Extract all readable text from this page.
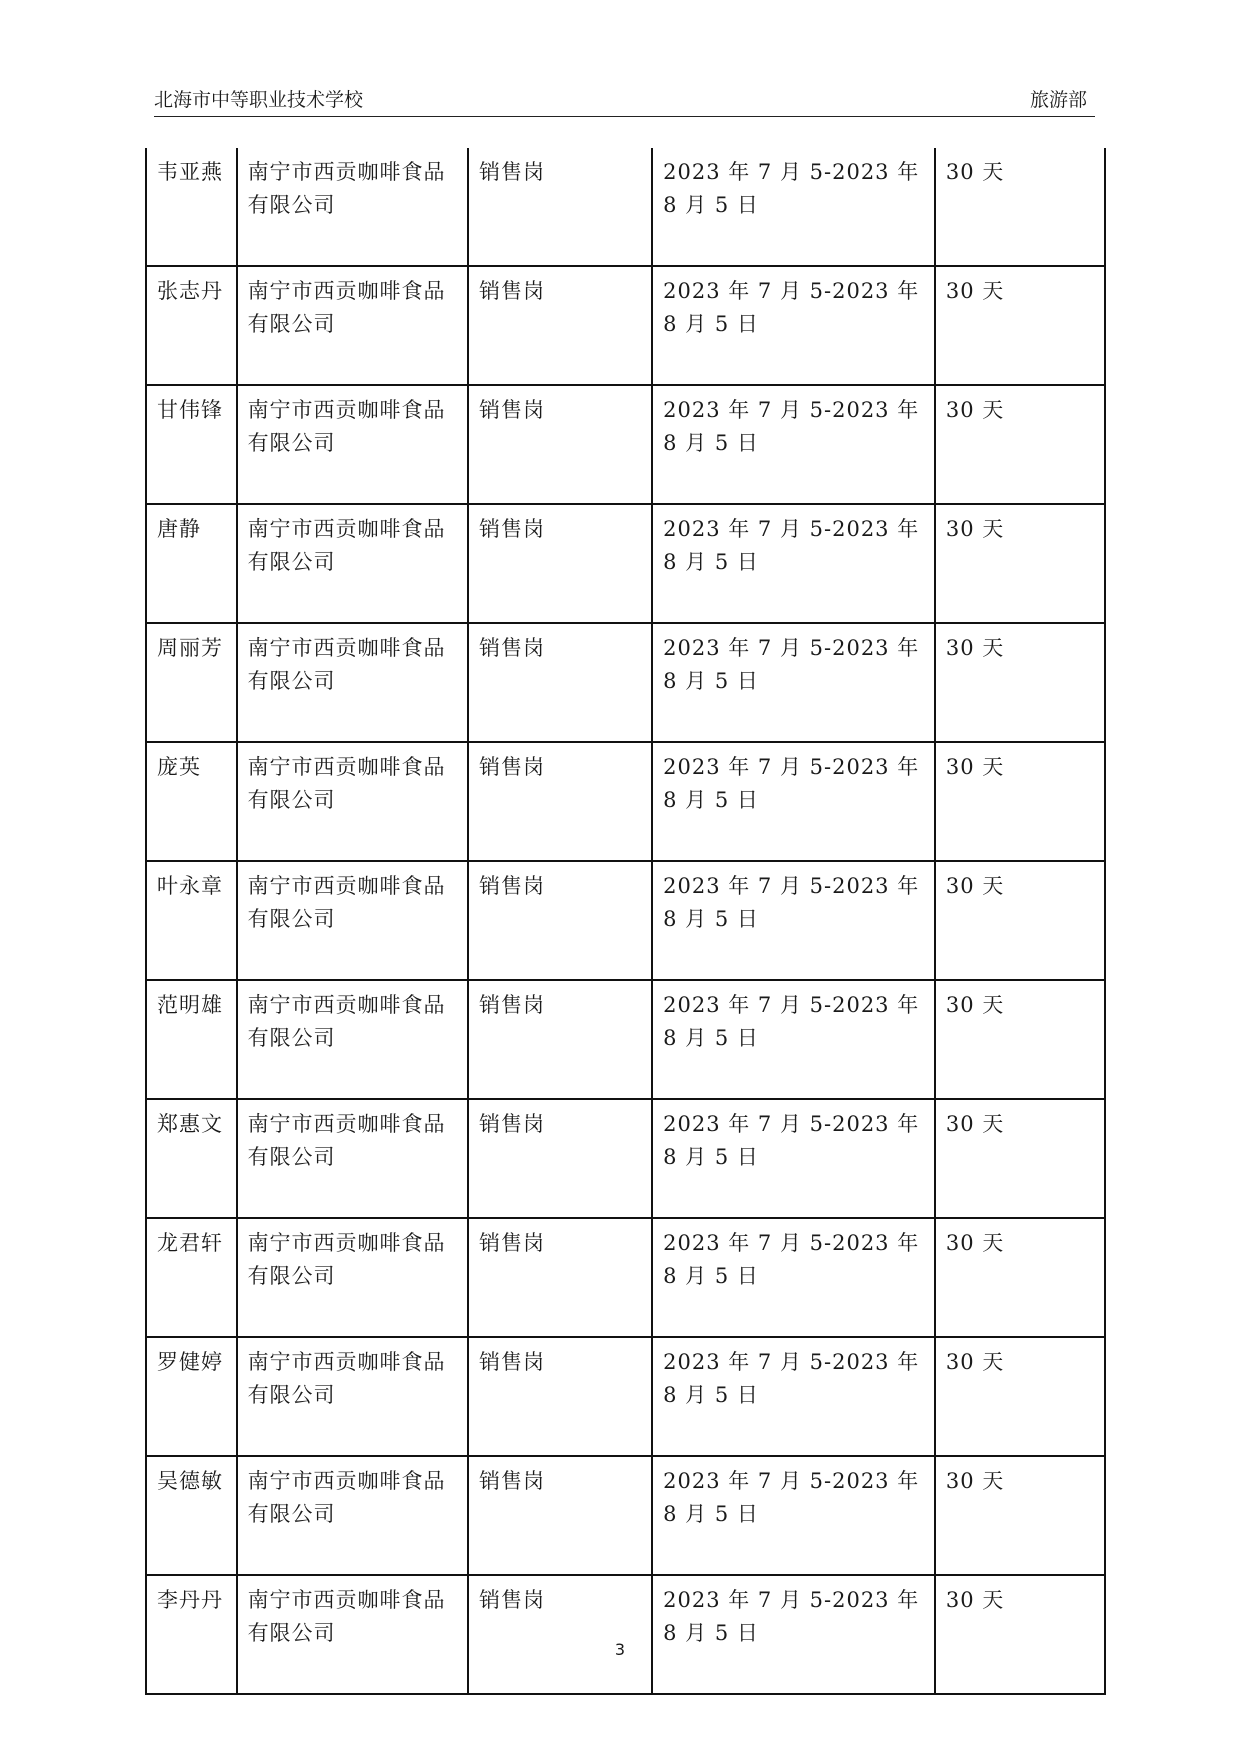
北海市中等职业技术学校	旅游部
韦亚燕	南宁市西贡咖啡食品有限公司	销售岗	2023 年 7 月 5-2023 年 8 月 5 日	30 天
张志丹	南宁市西贡咖啡食品有限公司	销售岗	2023 年 7 月 5-2023 年 8 月 5 日	30 天
甘伟锋	南宁市西贡咖啡食品有限公司	销售岗	2023 年 7 月 5-2023 年 8 月 5 日	30 天
唐静	南宁市西贡咖啡食品有限公司	销售岗	2023 年 7 月 5-2023 年 8 月 5 日	30 天
周丽芳	南宁市西贡咖啡食品有限公司	销售岗	2023 年 7 月 5-2023 年 8 月 5 日	30 天
庞英	南宁市西贡咖啡食品有限公司	销售岗	2023 年 7 月 5-2023 年 8 月 5 日	30 天
叶永章	南宁市西贡咖啡食品有限公司	销售岗	2023 年 7 月 5-2023 年 8 月 5 日	30 天
范明雄	南宁市西贡咖啡食品有限公司	销售岗	2023 年 7 月 5-2023 年 8 月 5 日	30 天
郑惠文	南宁市西贡咖啡食品有限公司	销售岗	2023 年 7 月 5-2023 年 8 月 5 日	30 天
龙君轩	南宁市西贡咖啡食品有限公司	销售岗	2023 年 7 月 5-2023 年 8 月 5 日	30 天
罗健婷	南宁市西贡咖啡食品有限公司	销售岗	2023 年 7 月 5-2023 年 8 月 5 日	30 天
吴德敏	南宁市西贡咖啡食品有限公司	销售岗	2023 年 7 月 5-2023 年 8 月 5 日	30 天
李丹丹	南宁市西贡咖啡食品有限公司	销售岗	2023 年 7 月 5-2023 年 8 月 5 日	30 天
3
